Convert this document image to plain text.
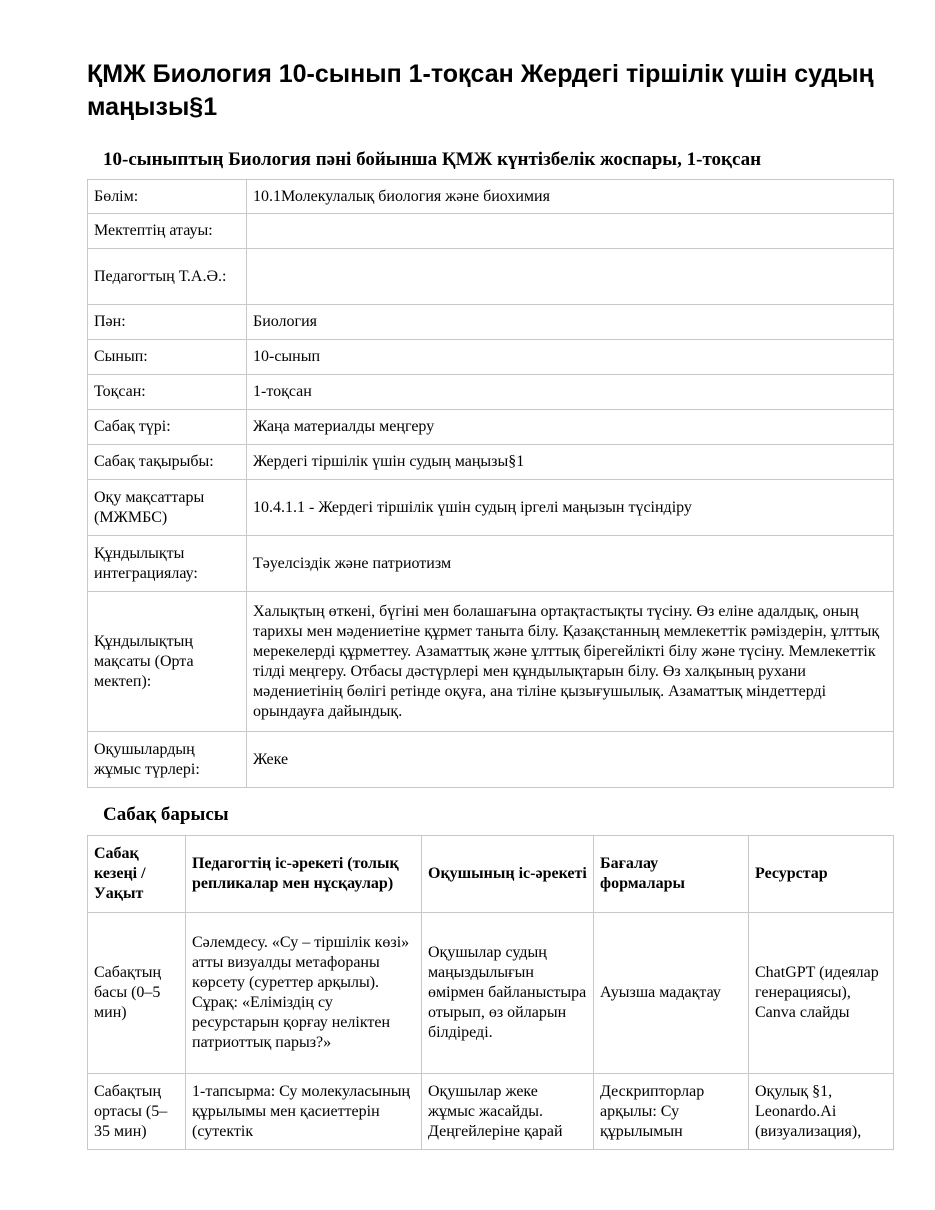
ҚМЖ Биология 10-сынып 1-тоқсан Жердегі тіршілік үшін судың маңызы§1
10-сыныптың Биология пәні бойынша ҚМЖ күнтізбелік жоспары, 1-тоқсан
Бөлім:	10.1Молекулалық биология және биохимия
Мектептің атауы:	
Педагогтың Т.А.Ә.:	
Пән:	Биология
Сынып:	10-сынып
Тоқсан:	1-тоқсан
Сабақ түрі:	Жаңа материалды меңгеру
Сабақ тақырыбы:	Жердегі тіршілік үшін судың маңызы§1
Оқу мақсаттары (МЖМБС)	10.4.1.1 - Жердегі тіршілік үшін судың іргелі маңызын түсіндіру
Құндылықты интеграциялау:	Тәуелсіздік және патриотизм
Құндылықтың мақсаты (Орта мектеп):	Халықтың өткені, бүгіні мен болашағына ортақтастықты түсіну. Өз еліне адалдық, оның тарихы мен мәдениетіне құрмет таныта білу. Қазақстанның мемлекеттік рәміздерін, ұлттық мерекелерді құрметтеу. Азаматтық және ұлттық бірегейлікті білу және түсіну. Мемлекеттік тілді меңгеру. Отбасы дәстүрлері мен құндылықтарын білу. Өз халқының рухани мәдениетінің бөлігі ретінде оқуға, ана тіліне қызығушылық. Азаматтық міндеттерді орындауға дайындық.
Оқушылардың жұмыс түрлері:	Жеке
Сабақ барысы
Сабақ кезеңі / Уақыт	Педагогтің іс-әрекеті (толық репликалар мен нұсқаулар)	Оқушының іс-әрекеті	Бағалау формалары	Ресурстар
Сабақтың басы (0–5 мин)	Сәлемдесу. «Су – тіршілік көзі» атты визуалды метафораны көрсету (суреттер арқылы). Сұрақ: «Еліміздің су ресурстарын қорғау неліктен патриоттық парыз?»	Оқушылар судың маңыздылығын өмірмен байланыстыра отырып, өз ойларын білдіреді.	Ауызша мадақтау	ChatGPT (идеялар генерациясы), Canva слайды
Сабақтың ортасы (5–35 мин)	1-тапсырма: Су молекуласының құрылымы мен қасиеттерін (сутектік	Оқушылар жеке жұмыс жасайды. Деңгейлеріне қарай	Дескрипторлар арқылы: Су құрылымын	Оқулық §1, Leonardo.Ai (визуализация),
